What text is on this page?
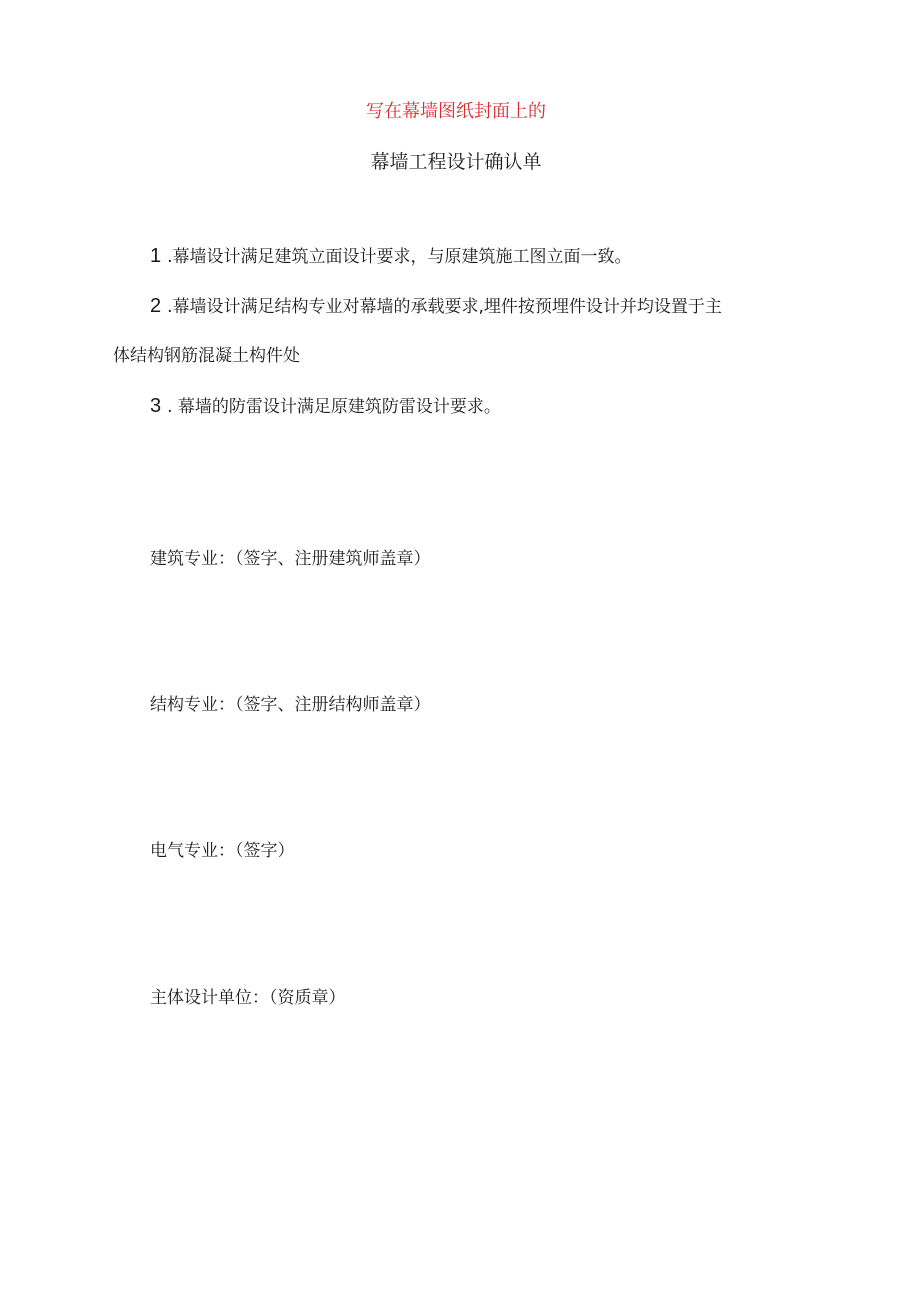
写在幕墙图纸封面上的
幕墙工程设计确认单
1 .幕墙设计满足建筑立面设计要求，与原建筑施工图立面一致。
2 .幕墙设计满足结构专业对幕墙的承载要求,埋件按预埋件设计并均设置于主
体结构钢筋混凝土构件处
3 . 幕墙的防雷设计满足原建筑防雷设计要求。
建筑专业：（签字、注册建筑师盖章）
结构专业：（签字、注册结构师盖章）
电气专业：（签字）
主体设计单位：（资质章）
